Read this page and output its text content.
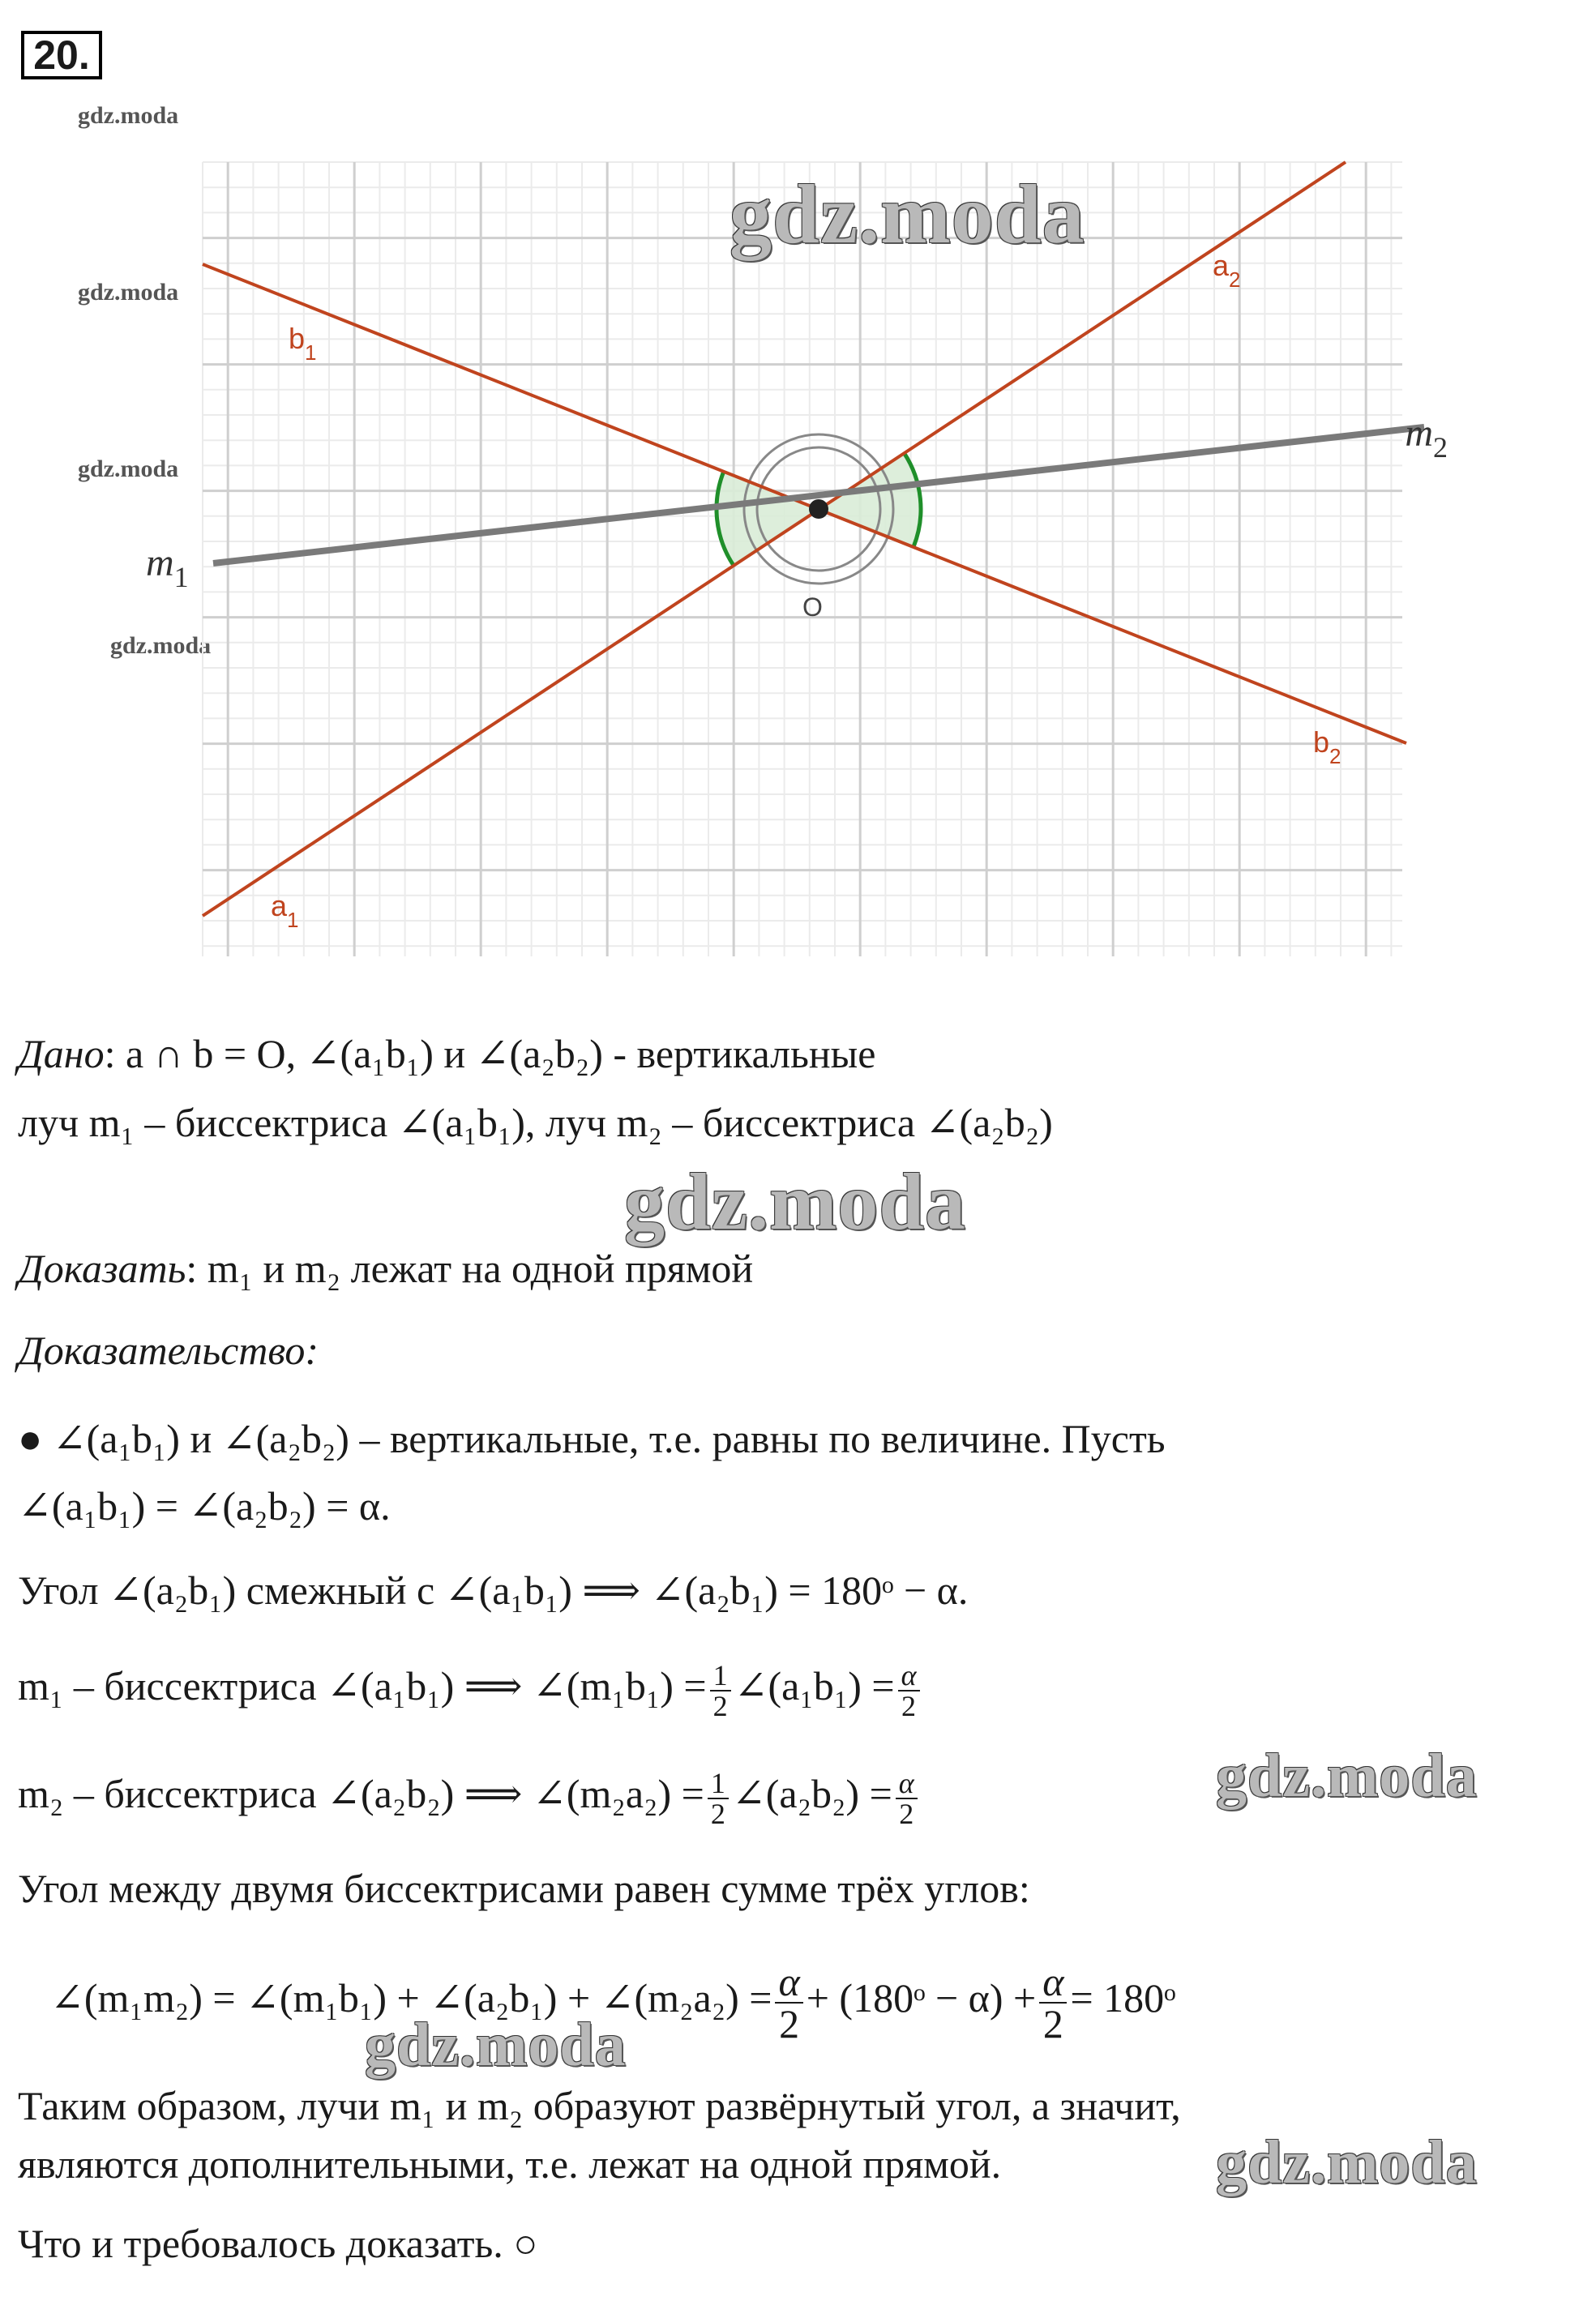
20.
gdz.moda
gdz.moda
gdz.moda
gdz.moda
O
$b_1$
$a_2$
$b_2$
$a_1$
$m_1$
$m_2$
gdz.moda
Дано: a ∩ b = O, ∠(a₁b₁) и ∠(a₂b₂) - вертикальные
луч m₁ – биссектриса ∠(a₁b₁), луч m₂ – биссектриса ∠(a₂b₂)
gdz.moda
Доказать: m₁ и m₂ лежат на одной прямой
Доказательство:
● ∠(a₁b₁) и ∠(a₂b₂) – вертикальные, т.е. равны по величине. Пусть
∠(a₁b₁) = ∠(a₂b₂) = α.
Угол ∠(a₂b₁) смежный с ∠(a₁b₁) ⟹ ∠(a₂b₁) = 180ᵒ − α.
m₁ – биссектриса ∠(a₁b₁) ⟹ ∠(m₁b₁) = $\frac{1}{2}$ ∠(a₁b₁) = $\frac{\alpha}{2}$
m₂ – биссектриса ∠(a₂b₂) ⟹ ∠(m₂a₂) = $\frac{1}{2}$ ∠(a₂b₂) = $\frac{\alpha}{2}$	gdz.moda
Угол между двумя биссектрисами равен сумме трёх углов:
∠(m₁m₂) = ∠(m₁b₁) + ∠(a₂b₁) + ∠(m₂a₂) = $\frac{\alpha}{2}$ + (180ᵒ − $\alpha) + \frac{\alpha}{2}$ = 180ᵒ
gdz.moda
Таким образом, лучи m₁ и m₂ образуют развёрнутый угол, а значит,
являются дополнительными, т.е. лежат на одной прямой.	gdz.moda
Что и требовалось доказать. ○
